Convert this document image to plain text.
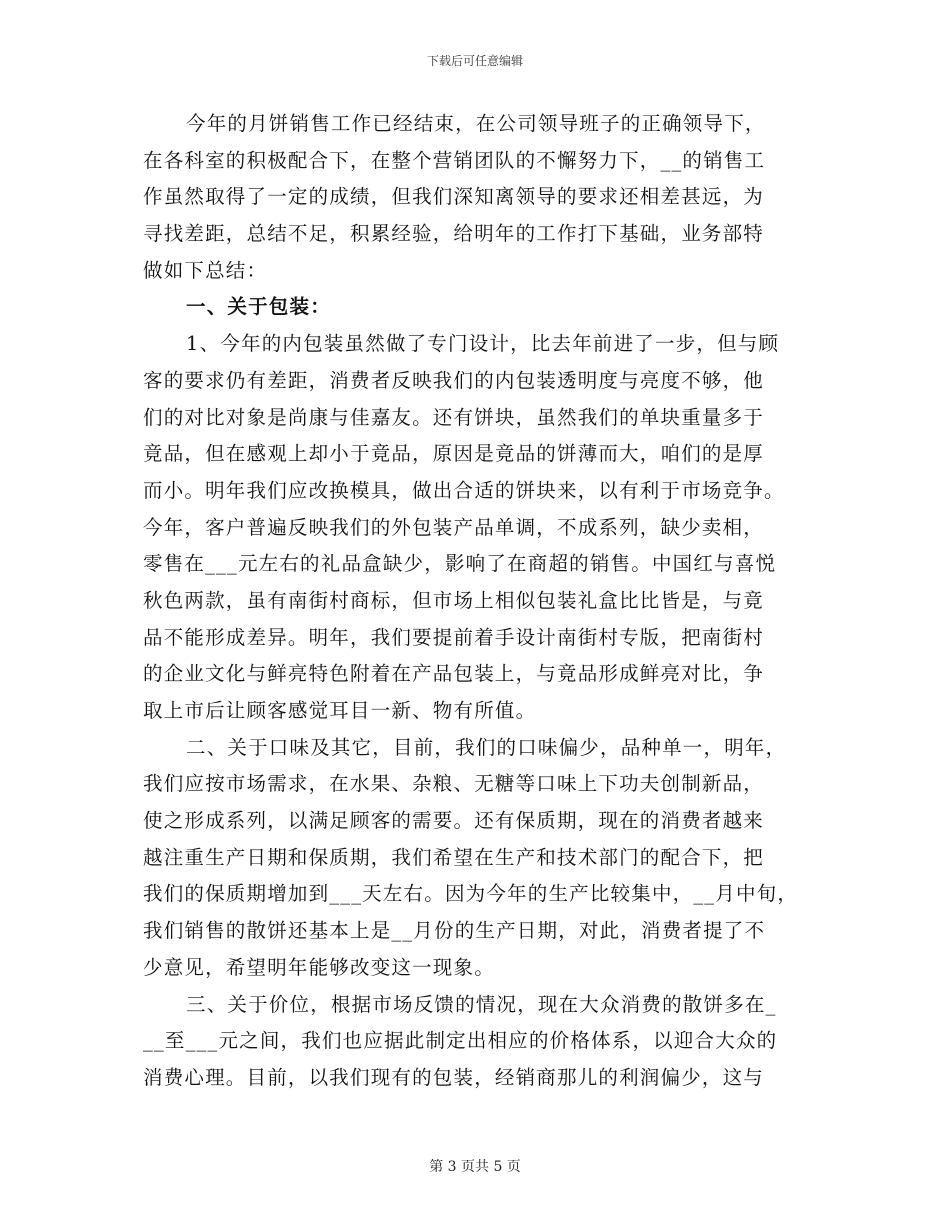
下载后可任意编辑
今年的月饼销售工作已经结束，在公司领导班子的正确领导下，
在各科室的积极配合下，在整个营销团队的不懈努力下，__的销售工
作虽然取得了一定的成绩，但我们深知离领导的要求还相差甚远，为
寻找差距，总结不足，积累经验，给明年的工作打下基础，业务部特
做如下总结：
一、关于包装：
1、今年的内包装虽然做了专门设计，比去年前进了一步，但与顾
客的要求仍有差距，消费者反映我们的内包装透明度与亮度不够，他
们的对比对象是尚康与佳嘉友。还有饼块，虽然我们的单块重量多于
竟品，但在感观上却小于竟品，原因是竟品的饼薄而大，咱们的是厚
而小。明年我们应改换模具，做出合适的饼块来，以有利于市场竞争。
今年，客户普遍反映我们的外包装产品单调，不成系列，缺少卖相，
零售在___元左右的礼品盒缺少，影响了在商超的销售。中国红与喜悦
秋色两款，虽有南街村商标，但市场上相似包装礼盒比比皆是，与竟
品不能形成差异。明年，我们要提前着手设计南街村专版，把南街村
的企业文化与鲜亮特色附着在产品包装上，与竟品形成鲜亮对比，争
取上市后让顾客感觉耳目一新、物有所值。
二、关于口味及其它，目前，我们的口味偏少，品种单一，明年，
我们应按市场需求，在水果、杂粮、无糖等口味上下功夫创制新品，
使之形成系列，以满足顾客的需要。还有保质期，现在的消费者越来
越注重生产日期和保质期，我们希望在生产和技术部门的配合下，把
我们的保质期增加到___天左右。因为今年的生产比较集中，__月中旬，
我们销售的散饼还基本上是__月份的生产日期，对此，消费者提了不
少意见，希望明年能够改变这一现象。
三、关于价位，根据市场反馈的情况，现在大众消费的散饼多在_
__至___元之间，我们也应据此制定出相应的价格体系，以迎合大众的
消费心理。目前，以我们现有的包装，经销商那儿的利润偏少，这与
第 3 页共 5 页
